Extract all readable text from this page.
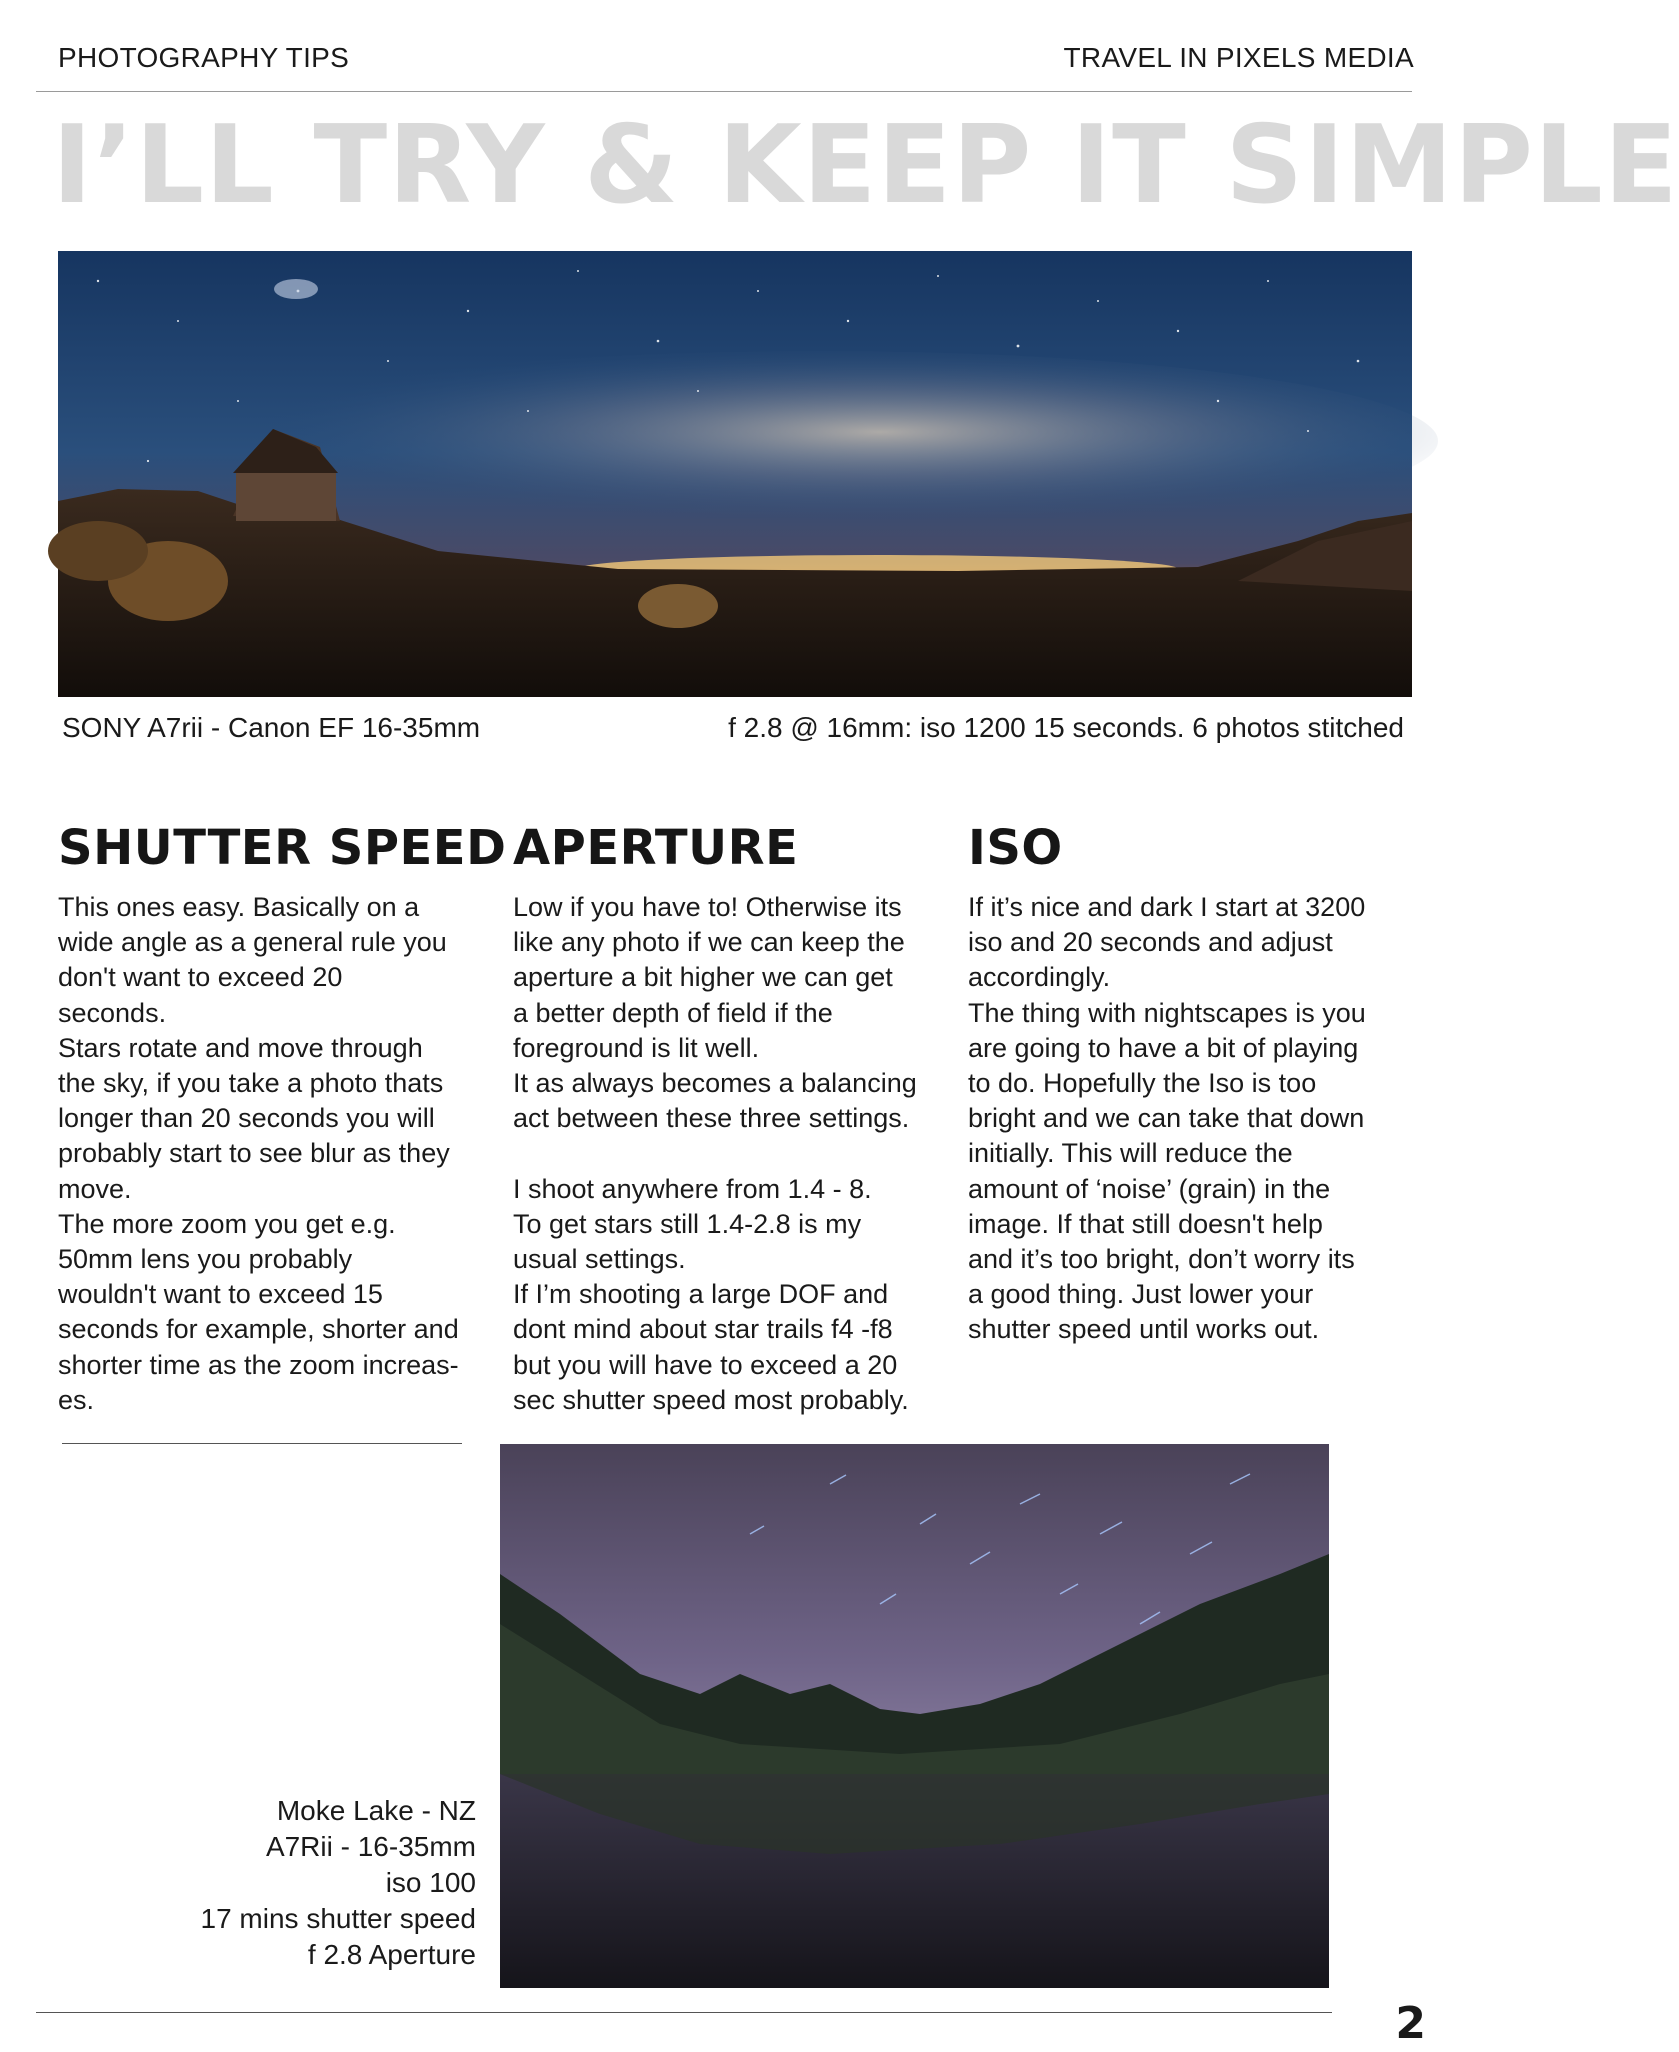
PHOTOGRAPHY TIPS	TRAVEL IN PIXELS MEDIA
I’LL TRY & KEEP IT SIMPLE
SONY A7rii - Canon EF 16-35mm	f 2.8 @ 16mm: iso 1200 15 seconds. 6 photos stitched
SHUTTER SPEED

This ones easy. Basically on a
wide angle as a general rule you
don't want to exceed 20
seconds.
Stars rotate and move through
the sky, if you take a photo thats
longer than 20 seconds you will
probably start to see blur as they
move.
The more zoom you get e.g.
50mm lens you probably
wouldn't want to exceed 15
seconds for example, shorter and
shorter time as the zoom increas-
es.

APERTURE

Low if you have to! Otherwise its
like any photo if we can keep the
aperture a bit higher we can get
a better depth of field if the
foreground is lit well.
It as always becomes a balancing
act between these three settings.

I shoot anywhere from 1.4 - 8.
To get stars still 1.4-2.8 is my
usual settings.
If I’m shooting a large DOF and
dont mind about star trails f4 -f8
but you will have to exceed a 20
sec shutter speed most probably.

ISO

If it’s nice and dark I start at 3200
iso and 20 seconds and adjust
accordingly.
The thing with nightscapes is you
are going to have a bit of playing
to do. Hopefully the Iso is too
bright and we can take that down
initially. This will reduce the
amount of ‘noise’ (grain) in the
image. If that still doesn't help
and it’s too bright, don’t worry its
a good thing. Just lower your
shutter speed until works out.

Moke Lake - NZ
A7Rii - 16-35mm
iso 100
17 mins shutter speed
f 2.8 Aperture
2
